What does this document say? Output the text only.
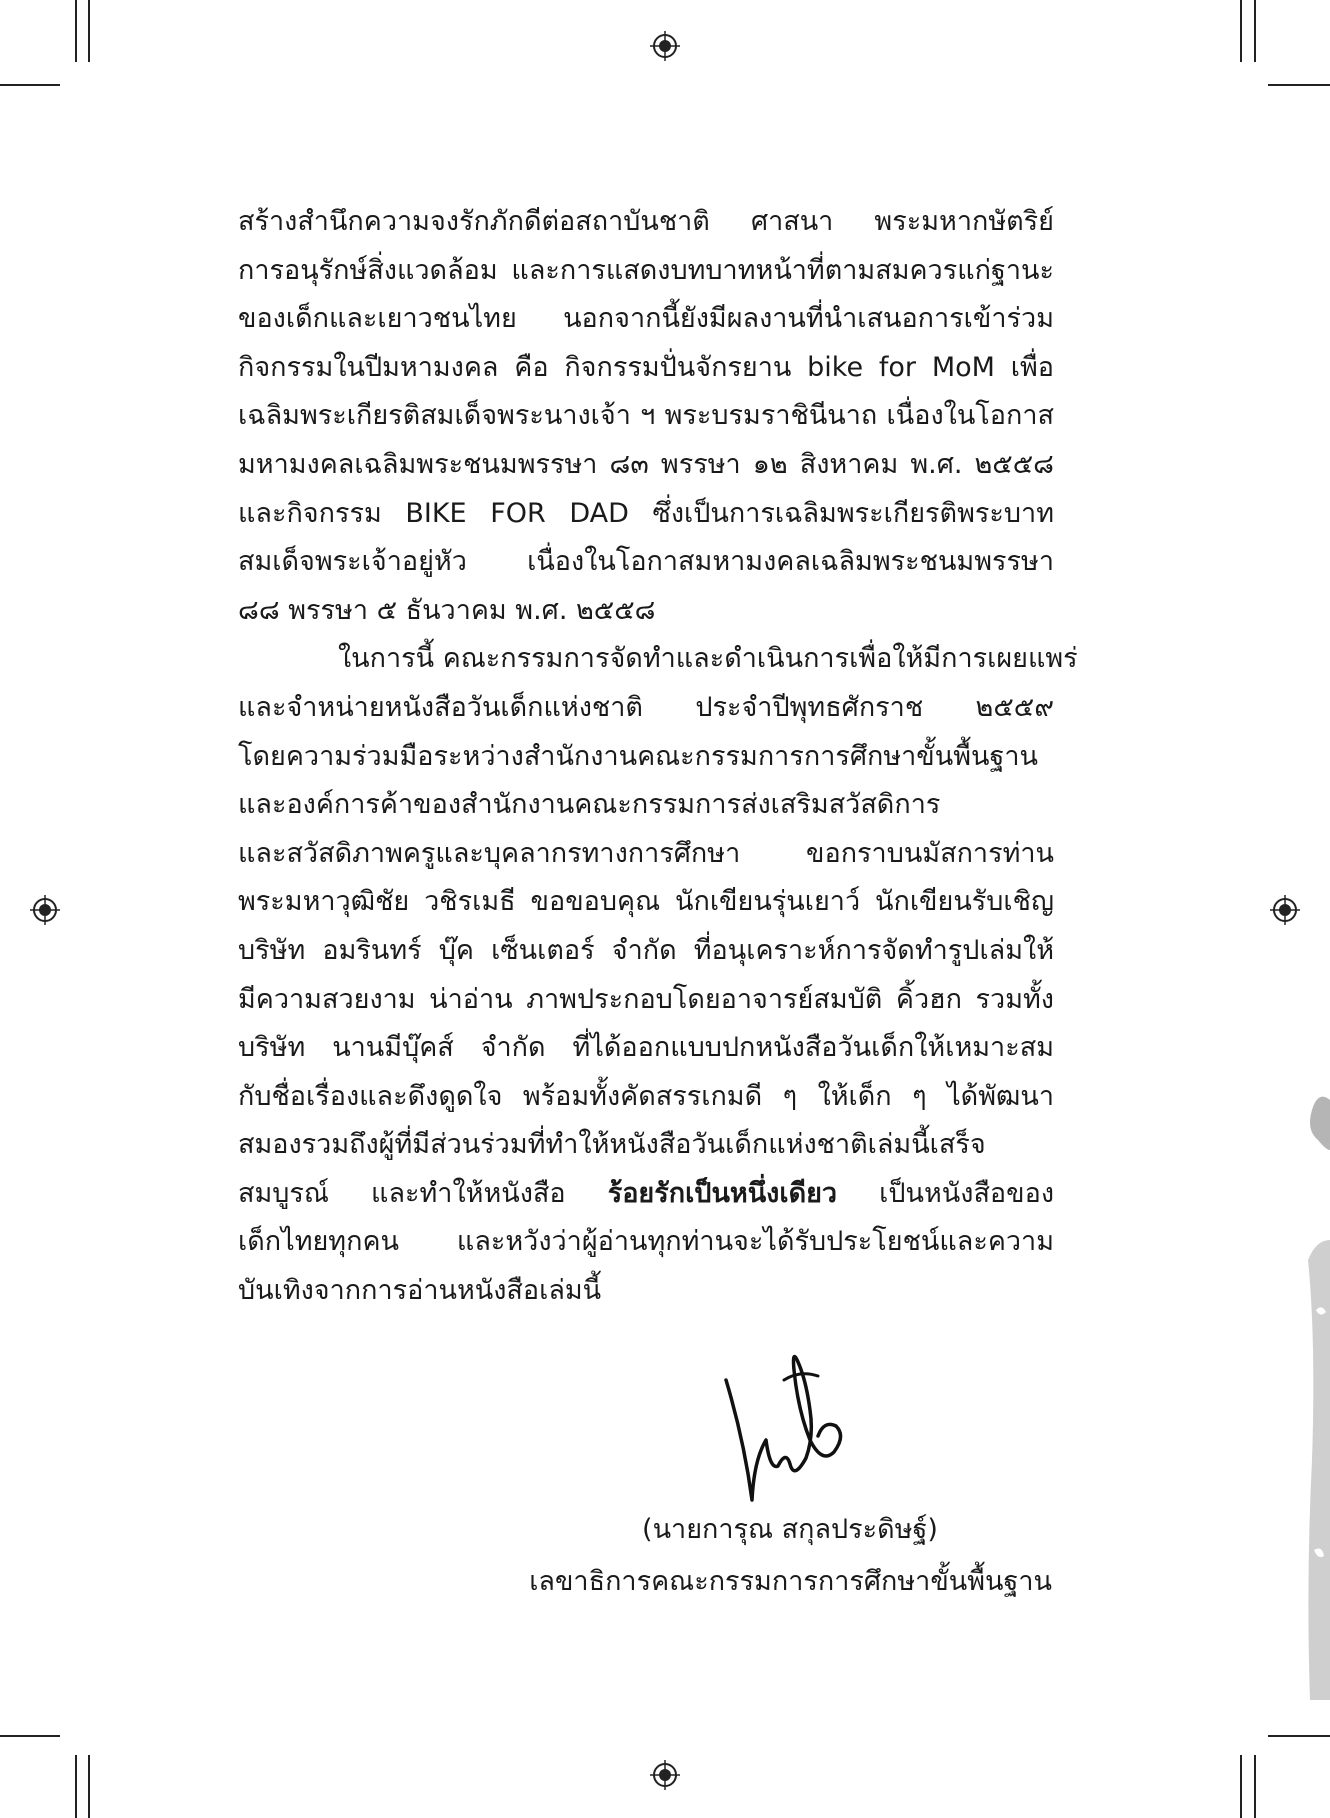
สร้างสำนึกความจงรักภักดีต่อสถาบันชาติ ศาสนา พระมหากษัตริย์
การอนุรักษ์สิ่งแวดล้อม และการแสดงบทบาทหน้าที่ตามสมควรแก่ฐานะ
ของเด็กและเยาวชนไทย นอกจากนี้ยังมีผลงานที่นำเสนอการเข้าร่วม
กิจกรรมในปีมหามงคล คือ กิจกรรมปั่นจักรยาน bike for MoM เพื่อ
เฉลิมพระเกียรติสมเด็จพระนางเจ้า ฯ พระบรมราชินีนาถ เนื่องในโอกาส
มหามงคลเฉลิมพระชนมพรรษา ๘๓ พรรษา ๑๒ สิงหาคม พ.ศ. ๒๕๕๘
และกิจกรรม BIKE FOR DAD ซึ่งเป็นการเฉลิมพระเกียรติพระบาท
สมเด็จพระเจ้าอยู่หัว เนื่องในโอกาสมหามงคลเฉลิมพระชนมพรรษา
๘๘ พรรษา ๕ ธันวาคม พ.ศ. ๒๕๕๘
ในการนี้ คณะกรรมการจัดทำและดำเนินการเพื่อให้มีการเผยแพร่
และจำหน่ายหนังสือวันเด็กแห่งชาติ ประจำปีพุทธศักราช ๒๕๕๙
โดยความร่วมมือระหว่างสำนักงานคณะกรรมการการศึกษาขั้นพื้นฐาน
และองค์การค้าของสำนักงานคณะกรรมการส่งเสริมสวัสดิการ
และสวัสดิภาพครูและบุคลากรทางการศึกษา ขอกราบนมัสการท่าน
พระมหาวุฒิชัย วชิรเมธี ขอขอบคุณ นักเขียนรุ่นเยาว์ นักเขียนรับเชิญ
บริษัท อมรินทร์ บุ๊ค เซ็นเตอร์ จำกัด ที่อนุเคราะห์การจัดทำรูปเล่มให้
มีความสวยงาม น่าอ่าน ภาพประกอบโดยอาจารย์สมบัติ คิ้วฮก รวมทั้ง
บริษัท นานมีบุ๊คส์ จำกัด ที่ได้ออกแบบปกหนังสือวันเด็กให้เหมาะสม
กับชื่อเรื่องและดึงดูดใจ พร้อมทั้งคัดสรรเกมดี ๆ ให้เด็ก ๆ ได้พัฒนา
สมองรวมถึงผู้ที่มีส่วนร่วมที่ทำให้หนังสือวันเด็กแห่งชาติเล่มนี้เสร็จ
สมบูรณ์ และทำให้หนังสือ ร้อยรักเป็นหนึ่งเดียว เป็นหนังสือของ
เด็กไทยทุกคน และหวังว่าผู้อ่านทุกท่านจะได้รับประโยชน์และความ
บันเทิงจากการอ่านหนังสือเล่มนี้
(นายการุณ สกุลประดิษฐ์)
เลขาธิการคณะกรรมการการศึกษาขั้นพื้นฐาน
